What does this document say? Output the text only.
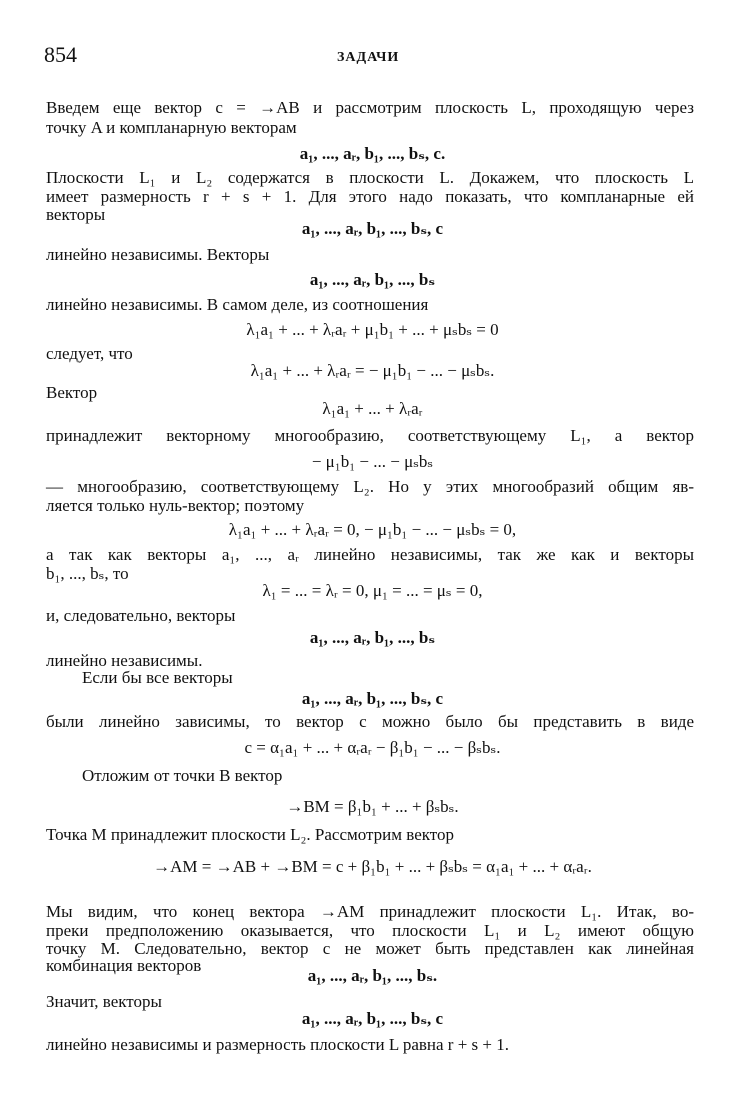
854	ЗАДАЧИ
Введем еще вектор c = →AB и рассмотрим плоскость L, проходящую через
точку A и компланарную векторам
a₁, ..., aᵣ, b₁, ..., bₛ, c.
Плоскости L₁ и L₂ содержатся в плоскости L. Докажем, что плоскость L
имеет размерность r + s + 1. Для этого надо показать, что компланарные ей
векторы
a₁, ..., aᵣ, b₁, ..., bₛ, c
линейно независимы. Векторы
a₁, ..., aᵣ, b₁, ..., bₛ
линейно независимы. В самом деле, из соотношения
λ₁a₁ + ... + λᵣaᵣ + μ₁b₁ + ... + μₛbₛ = 0
следует, что
λ₁a₁ + ... + λᵣaᵣ = − μ₁b₁ − ... − μₛbₛ.
Вектор
λ₁a₁ + ... + λᵣaᵣ
принадлежит векторному многообразию, соответствующему L₁, а вектор
− μ₁b₁ − ... − μₛbₛ
— многообразию, соответствующему L₂. Но у этих многообразий общим яв-
ляется только нуль-вектор; поэтому
λ₁a₁ + ... + λᵣaᵣ = 0, − μ₁b₁ − ... − μₛbₛ = 0,
а так как векторы a₁, ..., aᵣ линейно независимы, так же как и векторы
b₁, ..., bₛ, то
λ₁ = ... = λᵣ = 0, μ₁ = ... = μₛ = 0,
и, следовательно, векторы
a₁, ..., aᵣ, b₁, ..., bₛ
линейно независимы.
Если бы все векторы
a₁, ..., aᵣ, b₁, ..., bₛ, c
были линейно зависимы, то вектор c можно было бы представить в виде
c = α₁a₁ + ... + αᵣaᵣ − β₁b₁ − ... − βₛbₛ.
Отложим от точки B вектор
→BM = β₁b₁ + ... + βₛbₛ.
Точка M принадлежит плоскости L₂. Рассмотрим вектор
→AM = →AB + →BM = c + β₁b₁ + ... + βₛbₛ = α₁a₁ + ... + αᵣaᵣ.
Мы видим, что конец вектора →AM принадлежит плоскости L₁. Итак, во-
преки предположению оказывается, что плоскости L₁ и L₂ имеют общую
точку M. Следовательно, вектор c не может быть представлен как линейная
комбинация векторов
a₁, ..., aᵣ, b₁, ..., bₛ.
Значит, векторы
a₁, ..., aᵣ, b₁, ..., bₛ, c
линейно независимы и размерность плоскости L равна r + s + 1.
